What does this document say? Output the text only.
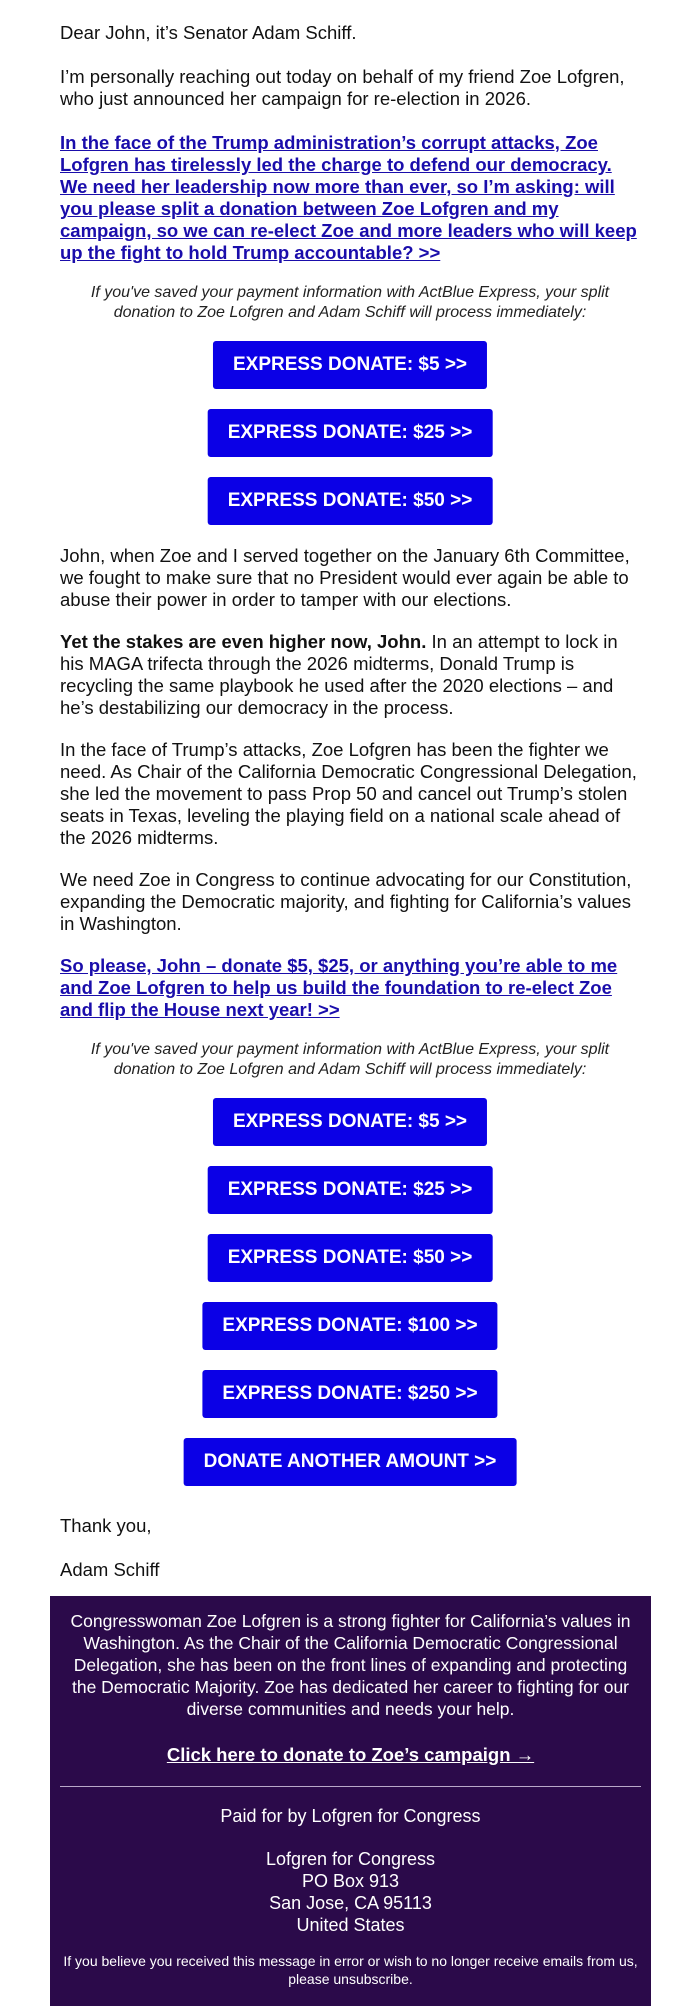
Dear John, it’s Senator Adam Schiff.

I’m personally reaching out today on behalf of my friend Zoe Lofgren, who just announced her campaign for re-election in 2026.

In the face of the Trump administration’s corrupt attacks, Zoe Lofgren has tirelessly led the charge to defend our democracy. We need her leadership now more than ever, so I’m asking: will you please split a donation between Zoe Lofgren and my campaign, so we can re-elect Zoe and more leaders who will keep up the fight to hold Trump accountable? >>
If you've saved your payment information with ActBlue Express, your split donation to Zoe Lofgren and Adam Schiff will process immediately:
EXPRESS DONATE: $5 >>
EXPRESS DONATE: $25 >>
EXPRESS DONATE: $50 >>

John, when Zoe and I served together on the January 6th Committee, we fought to make sure that no President would ever again be able to abuse their power in order to tamper with our elections.

Yet the stakes are even higher now, John. In an attempt to lock in his MAGA trifecta through the 2026 midterms, Donald Trump is recycling the same playbook he used after the 2020 elections – and he’s destabilizing our democracy in the process.

In the face of Trump’s attacks, Zoe Lofgren has been the fighter we need. As Chair of the California Democratic Congressional Delegation, she led the movement to pass Prop 50 and cancel out Trump’s stolen seats in Texas, leveling the playing field on a national scale ahead of the 2026 midterms.

We need Zoe in Congress to continue advocating for our Constitution, expanding the Democratic majority, and fighting for California’s values in Washington.

So please, John – donate $5, $25, or anything you’re able to me and Zoe Lofgren to help us build the foundation to re-elect Zoe and flip the House next year! >>
If you've saved your payment information with ActBlue Express, your split donation to Zoe Lofgren and Adam Schiff will process immediately:
EXPRESS DONATE: $5 >>
EXPRESS DONATE: $25 >>
EXPRESS DONATE: $50 >>
EXPRESS DONATE: $100 >>
EXPRESS DONATE: $250 >>
DONATE ANOTHER AMOUNT >>

Thank you,

Adam Schiff

Congresswoman Zoe Lofgren is a strong fighter for California’s values in Washington. As the Chair of the California Democratic Congressional Delegation, she has been on the front lines of expanding and protecting the Democratic Majority. Zoe has dedicated her career to fighting for our diverse communities and needs your help.

Click here to donate to Zoe’s campaign →
Paid for by Lofgren for Congress
Lofgren for Congress
PO Box 913
San Jose, CA 95113
United States
If you believe you received this message in error or wish to no longer receive emails from us, please unsubscribe.
